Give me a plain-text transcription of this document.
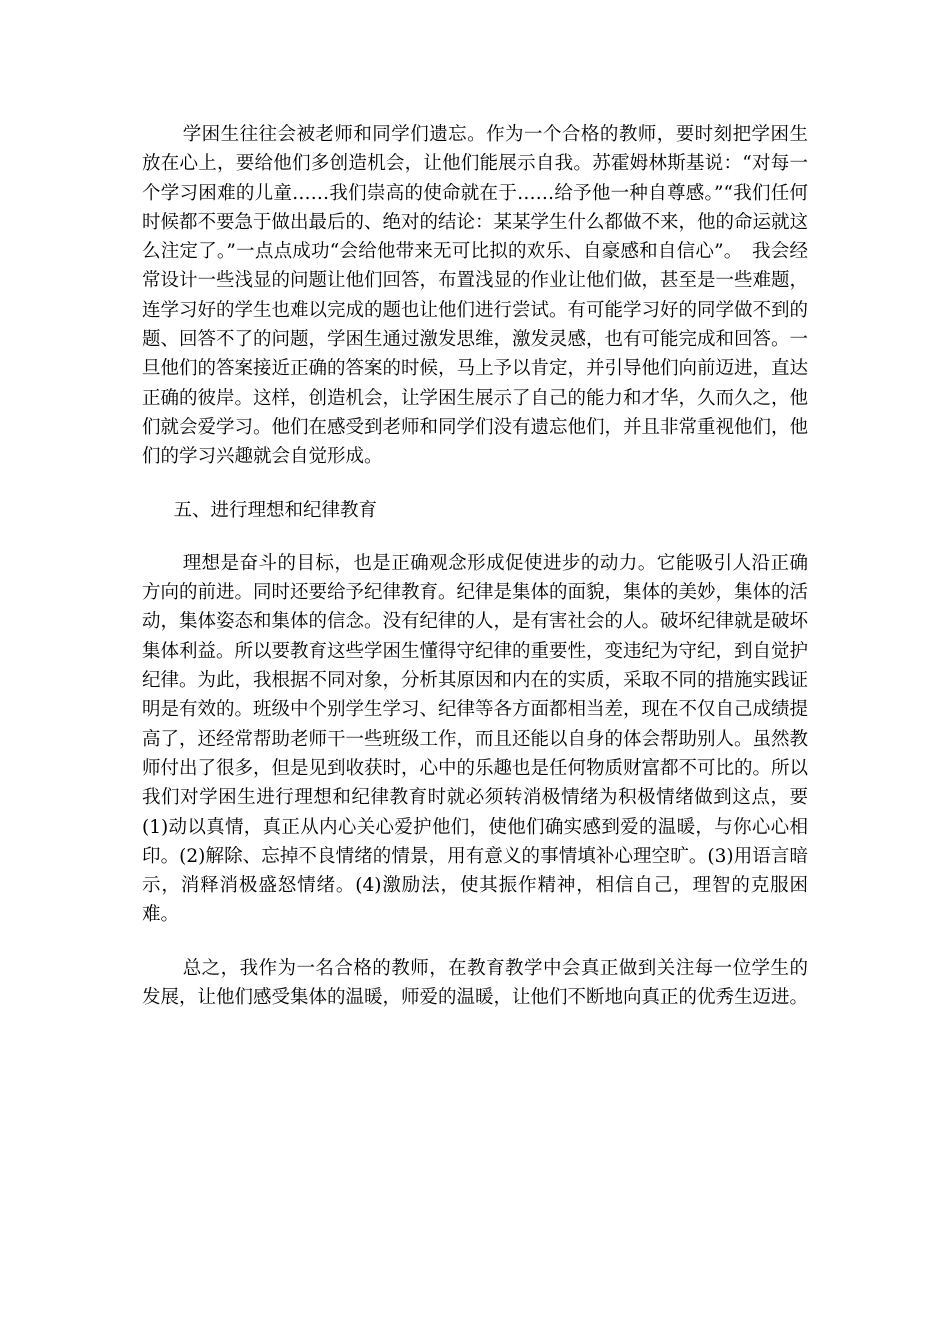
学困生往往会被老师和同学们遗忘。作为一个合格的教师，要时刻把学困生放在心上，要给他们多创造机会，让他们能展示自我。苏霍姆林斯基说：“对每一个学习困难的儿童……我们崇高的使命就在于……给予他一种自尊感。”“我们任何时候都不要急于做出最后的、绝对的结论：某某学生什么都做不来，他的命运就这么注定了。”一点点成功“会给他带来无可比拟的欢乐、自豪感和自信心”。　我会经常设计一些浅显的问题让他们回答，布置浅显的作业让他们做，甚至是一些难题，连学习好的学生也难以完成的题也让他们进行尝试。有可能学习好的同学做不到的题、回答不了的问题，学困生通过激发思维，激发灵感，也有可能完成和回答。一旦他们的答案接近正确的答案的时候，马上予以肯定，并引导他们向前迈进，直达正确的彼岸。这样，创造机会，让学困生展示了自己的能力和才华，久而久之，他们就会爱学习。他们在感受到老师和同学们没有遗忘他们，并且非常重视他们，他们的学习兴趣就会自觉形成。

五、进行理想和纪律教育

理想是奋斗的目标，也是正确观念形成促使进步的动力。它能吸引人沿正确方向的前进。同时还要给予纪律教育。纪律是集体的面貌，集体的美妙，集体的活动，集体姿态和集体的信念。没有纪律的人，是有害社会的人。破坏纪律就是破坏集体利益。所以要教育这些学困生懂得守纪律的重要性，变违纪为守纪，到自觉护纪律。为此，我根据不同对象，分析其原因和内在的实质，采取不同的措施实践证明是有效的。班级中个别学生学习、纪律等各方面都相当差，现在不仅自己成绩提高了，还经常帮助老师干一些班级工作，而且还能以自身的体会帮助别人。虽然教师付出了很多，但是见到收获时，心中的乐趣也是任何物质财富都不可比的。所以我们对学困生进行理想和纪律教育时就必须转消极情绪为积极情绪做到这点，要(1)动以真情，真正从内心关心爱护他们，使他们确实感到爱的温暖，与你心心相印。(2)解除、忘掉不良情绪的情景，用有意义的事情填补心理空旷。(3)用语言暗示，消释消极盛怒情绪。(4)激励法，使其振作精神，相信自己，理智的克服困难。

总之，我作为一名合格的教师，在教育教学中会真正做到关注每一位学生的发展，让他们感受集体的温暖，师爱的温暖，让他们不断地向真正的优秀生迈进。
